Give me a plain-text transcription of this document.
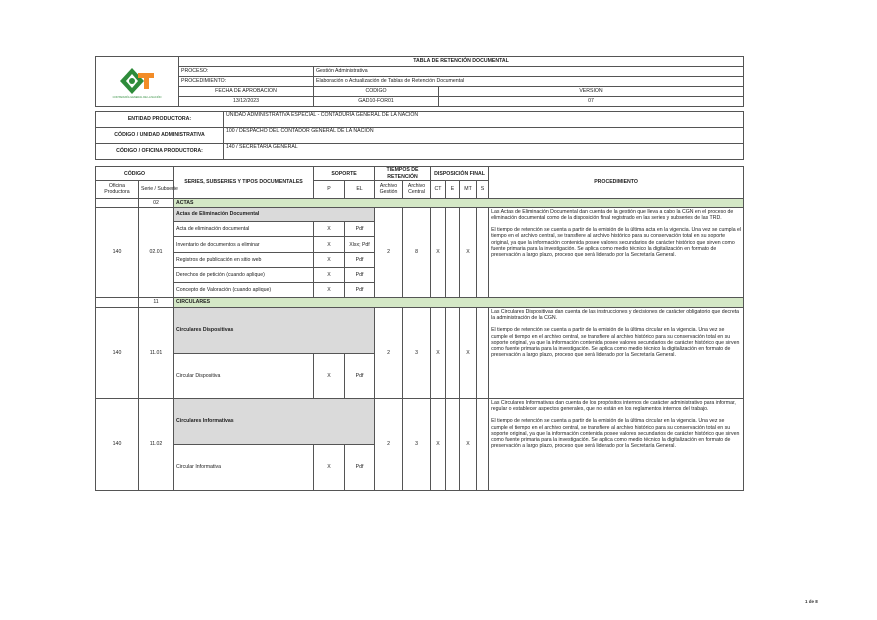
CONTADURÍA GENERAL DE LA NACIÓN	TABLA DE RETENCIÓN DOCUMENTAL		
	PROCESO:	Gestión Administrativa	
	PROCEDIMIENTO:	Elaboración o Actualización de Tablas de Retención Documental	
	FECHA DE APROBACION	CODIGO	VERSION
	13/12/2023	GAD10-FOR01	07
ENTIDAD PRODUCTORA:	UNIDAD ADMINISTRATIVA ESPECIAL - CONTADURÍA GENERAL DE LA NACIÓN
CÓDIGO / UNIDAD ADMINISTRATIVA	100 / DESPACHO DEL CONTADOR GENERAL DE LA NACIÓN
CÓDIGO / OFICINA PRODUCTORA:	140 / SECRETARÍA GENERAL
CÓDIGO		SERIES, SUBSERIES Y TIPOS DOCUMENTALES	SOPORTE		TIEMPOS DE RETENCIÓN		DISPOSICIÓN FINAL				PROCEDIMIENTO
Oficina Productora	Serie / Subserie		P	EL	Archivo Gestión	Archivo Central	CT	E	MT	S	
	02	ACTAS									
140	02.01	Actas de Eliminación Documental			2	8	X		X		Las Actas de Eliminación Documental dan cuenta de la gestión que lleva a cabo la CGN en el proceso de eliminación documental como de la disposición final registrado en las series y subseries de las TRD.
El tiempo de retención se cuenta a partir de la emisión de la última acta en la vigencia. Una vez se cumpla el tiempo en el archivo central, se transfiere al archivo histórico para su conservación total en su soporte original, ya que la información contenida posee valores secundarios de carácter histórico que sirven como fuente primaria para la investigación. Se aplica como medio técnico la digitalización en formato de preservación a largo plazo, proceso que será liderado por la Secretaría General.

		Acta de eliminación documental	X	Pdf							
		Inventario de documentos a eliminar	X	Xlsx; Pdf							
		Registros de publicación en sitio web	X	Pdf							
		Derechos de petición (cuando aplique)	X	Pdf							
		Concepto de Valoración (cuando aplique)	X	Pdf							
	11	CIRCULARES									
140	11.01	Circulares Dispositivas			2	3	X		X		Las Circulares Dispositivas dan cuenta de las instrucciones y decisiones de carácter obligatorio que decreta la administración de la CGN.
El tiempo de retención se cuenta a partir de la emisión de la última circular en la vigencia. Una vez se cumple el tiempo en el archivo central, se transfiere al archivo histórico para su conservación total en su soporte original, ya que la información contenida posee valores secundarios de carácter histórico que sirven como fuente primaria para la investigación. Se aplica como medio técnico la digitalización en formato de preservación a largo plazo, proceso que será liderado por la Secretaría General.

		Circular Dispositiva	X	Pdf							
140	11.02	Circulares Informativas			2	3	X		X		Las Circulares Informativas dan cuenta de los propósitos internos de carácter administrativo para informar, regular o establecer aspectos generales, que no están en los reglamentos internos del trabajo.
El tiempo de retención se cuenta a partir de la emisión de la última circular en la vigencia. Una vez se cumple el tiempo en el archivo central, se transfiere al archivo histórico para su conservación total en su soporte original, ya que la información contenida posee valores secundarios de carácter histórico que sirven como fuente primaria para la investigación. Se aplica como medio técnico la digitalización en formato de preservación a largo plazo, proceso que será liderado por la Secretaría General.

		Circular Informativa	X	Pdf							
1 de 8
